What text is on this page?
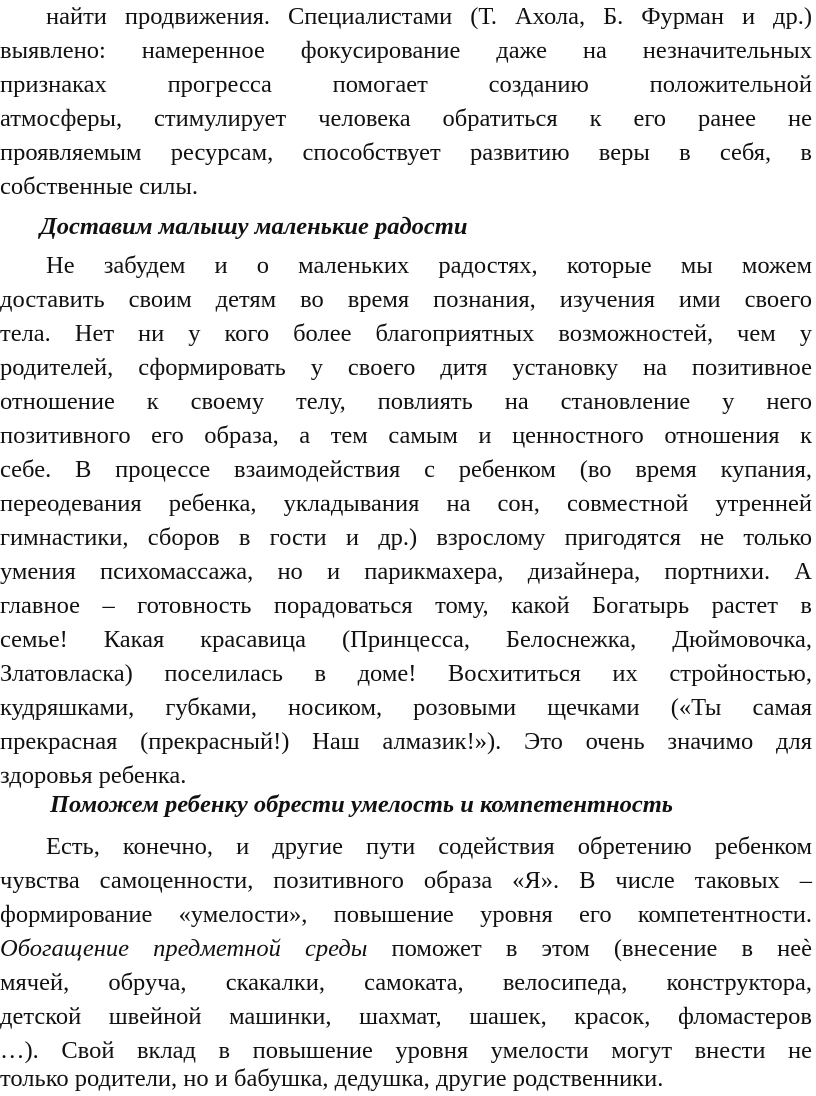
найти продвижения. Специалистами (Т. Ахола, Б. Фурман и др.)
выявлено: намеренное фокусирование даже на незначительных
признаках прогресса помогает созданию положительной
атмосферы, стимулирует человека обратиться к его ранее не
проявляемым ресурсам, способствует развитию веры в себя, в
собственные силы.
Доставим малышу маленькие радости
Не забудем и о маленьких радостях, которые мы можем
доставить своим детям во время познания, изучения ими своего
тела. Нет ни у кого более благоприятных возможностей, чем у
родителей, сформировать у своего дитя установку на позитивное
отношение к своему телу, повлиять на становление у него
позитивного его образа, а тем самым и ценностного отношения к
себе. В процессе взаимодействия с ребенком (во время купания,
переодевания ребенка, укладывания на сон, совместной утренней
гимнастики, сборов в гости и др.) взрослому пригодятся не только
умения психомассажа, но и парикмахера, дизайнера, портнихи. А
главное – готовность порадоваться тому, какой Богатырь растет в
семье! Какая красавица (Принцесса, Белоснежка, Дюймовочка,
Златовласка) поселилась в доме! Восхититься их стройностью,
кудряшками, губками, носиком, розовыми щечками («Ты самая
прекрасная (прекрасный!) Наш алмазик!»). Это очень значимо для
здоровья ребенка.
Поможем ребенку обрести умелость и компетентность
Есть, конечно, и другие пути содействия обретению ребенком
чувства самоценности, позитивного образа «Я». В числе таковых –
формирование «умелости», повышение уровня его компетентности.
Обогащение предметной среды поможет в этом (внесение в неѐ
мячей, обруча, скакалки, самоката, велосипеда, конструктора,
детской швейной машинки, шахмат, шашек, красок, фломастеров
…). Свой вклад в повышение уровня умелости могут внести не
только родители, но и бабушка, дедушка, другие родственники.
